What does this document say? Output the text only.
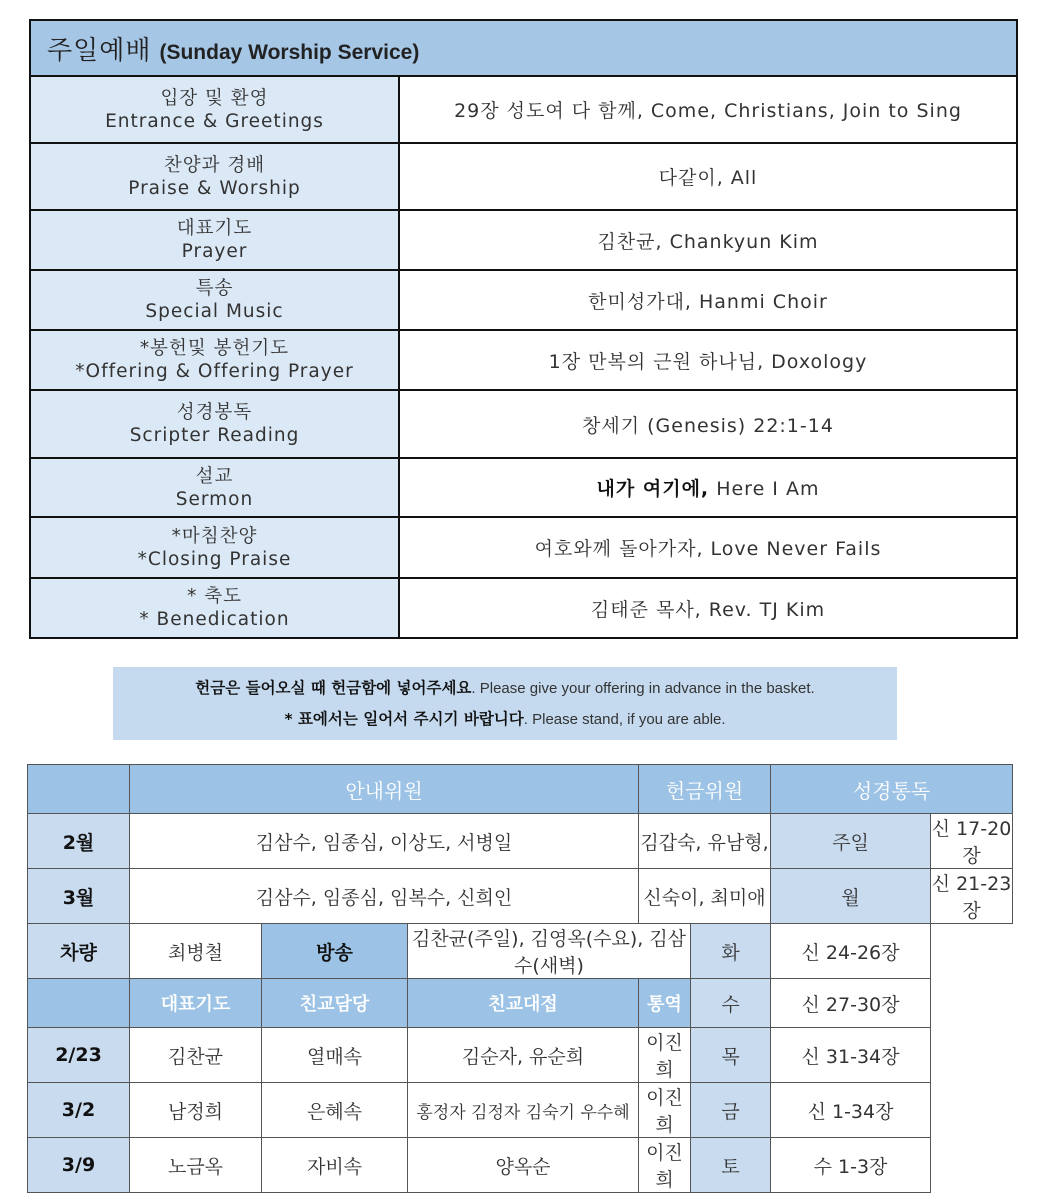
주일예배 (Sunday Worship Service)	

입장 및 환영
Entrance & Greetings	29장 성도여 다 함께, Come, Christians, Join to Sing

찬양과 경배
Praise & Worship	다같이, All

대표기도
Prayer	김찬균, Chankyun Kim

특송
Special Music	한미성가대, Hanmi Choir

*봉헌및 봉헌기도
*Offering & Offering Prayer	1장 만복의 근원 하나님, Doxology

성경봉독
Scripter Reading	창세기 (Genesis) 22:1-14

설교
Sermon	내가 여기에, Here I Am

*마침찬양
*Closing Praise	여호와께 돌아가자, Love Never Fails

* 축도
* Benedication	김태준 목사, Rev. TJ Kim
헌금은 들어오실 때 헌금함에 넣어주세요. Please give your offering in advance in the basket.
* 표에서는 일어서 주시기 바랍니다. Please stand, if you are able.
	안내위원			헌금위원		성경통독	
2월	김삼수, 임종심, 이상도, 서병일			김갑숙, 유남형,		주일	신 17-20장
3월	김삼수, 임종심, 임복수, 신희인			신숙이, 최미애		월	신 21-23장
차량	최병철	방송	김찬균(주일), 김영옥(수요), 김삼수(새벽)		화	신 24-26장	
	대표기도	친교담당	친교대접	통역	수	신 27-30장	
2/23	김찬균	열매속	김순자, 유순희	이진희	목	신 31-34장	
3/2	남정희	은혜속	홍정자 김정자 김숙기 우수혜	이진희	금	신 1-34장	
3/9	노금옥	자비속	양옥순	이진희	토	수 1-3장	
